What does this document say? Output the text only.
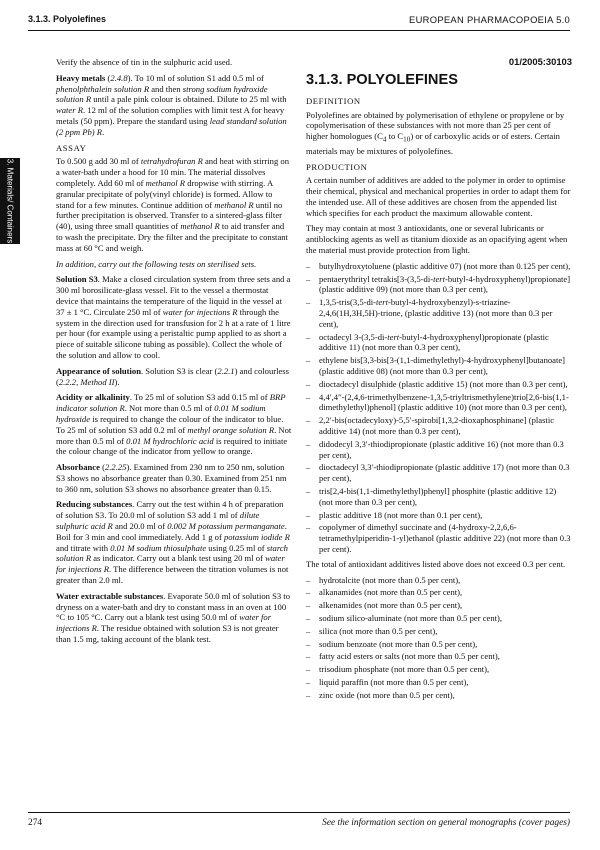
3.1.3. Polyolefines	EUROPEAN PHARMACOPOEIA 5.0
3. Materials/ Containers

Verify the absence of tin in the sulphuric acid used.

Heavy metals (2.4.8). To 10 ml of solution S1 add 0.5 ml of phenolphthalein solution R and then strong sodium hydroxide solution R until a pale pink colour is obtained. Dilute to 25 ml with water R. 12 ml of the solution complies with limit test A for heavy metals (50 ppm). Prepare the standard using lead standard solution (2 ppm Pb) R.

ASSAY

To 0.500 g add 30 ml of tetrahydrofuran R and heat with stirring on a water-bath under a hood for 10 min. The material dissolves completely. Add 60 ml of methanol R dropwise with stirring. A granular precipitate of poly(vinyl chloride) is formed. Allow to stand for a few minutes. Continue addition of methanol R until no further precipitation is observed. Transfer to a sintered-glass filter (40), using three small quantities of methanol R to aid transfer and to wash the precipitate. Dry the filter and the precipitate to constant mass at 60 °C and weigh.

In addition, carry out the following tests on sterilised sets.

Solution S3. Make a closed circulation system from three sets and a 300 ml borosilicate-glass vessel. Fit to the vessel a thermostat device that maintains the temperature of the liquid in the vessel at 37 ± 1 °C. Circulate 250 ml of water for injections R through the system in the direction used for transfusion for 2 h at a rate of 1 litre per hour (for example using a peristaltic pump applied to as short a piece of suitable silicone tubing as possible). Collect the whole of the solution and allow to cool.

Appearance of solution. Solution S3 is clear (2.2.1) and colourless (2.2.2, Method II).

Acidity or alkalinity. To 25 ml of solution S3 add 0.15 ml of BRP indicator solution R. Not more than 0.5 ml of 0.01 M sodium hydroxide is required to change the colour of the indicator to blue. To 25 ml of solution S3 add 0.2 ml of methyl orange solution R. Not more than 0.5 ml of 0.01 M hydrochloric acid is required to initiate the colour change of the indicator from yellow to orange.

Absorbance (2.2.25). Examined from 230 nm to 250 nm, solution S3 shows no absorbance greater than 0.30. Examined from 251 nm to 360 nm, solution S3 shows no absorbance greater than 0.15.

Reducing substances. Carry out the test within 4 h of preparation of solution S3. To 20.0 ml of solution S3 add 1 ml of dilute sulphuric acid R and 20.0 ml of 0.002 M potassium permanganate. Boil for 3 min and cool immediately. Add 1 g of potassium iodide R and titrate with 0.01 M sodium thiosulphate using 0.25 ml of starch solution R as indicator. Carry out a blank test using 20 ml of water for injections R. The difference between the titration volumes is not greater than 2.0 ml.

Water extractable substances. Evaporate 50.0 ml of solution S3 to dryness on a water-bath and dry to constant mass in an oven at 100 °C to 105 °C. Carry out a blank test using 50.0 ml of water for injections R. The residue obtained with solution S3 is not greater than 1.5 mg, taking account of the blank test.

01/2005:30103
3.1.3. POLYOLEFINES

DEFINITION

Polyolefines are obtained by polymerisation of ethylene or propylene or by copolymerisation of these substances with not more than 25 per cent of higher homologues ($C_4$ to $C_{10}$) or of carboxylic acids or of esters. Certain materials may be mixtures of polyolefines.

PRODUCTION

A certain number of additives are added to the polymer in order to optimise their chemical, physical and mechanical properties in order to adapt them for the intended use. All of these additives are chosen from the appended list which specifies for each product the maximum allowable content.

They may contain at most 3 antioxidants, one or several lubricants or antiblocking agents as well as titanium dioxide as an opacifying agent when the material must provide protection from light.

– butylhydroxytoluene (plastic additive 07) (not more than 0.125 per cent),
– pentaerythrityl tetrakis[3-(3,5-di-tert-butyl-4-hydroxyphenyl)propionate] (plastic additive 09) (not more than 0.3 per cent),
– 1,3,5-tris(3,5-di-tert-butyl-4-hydroxybenzyl)-s-triazine-2,4,6(1H,3H,5H)-trione, (plastic additive 13) (not more than 0.3 per cent),
– octadecyl 3-(3,5-di-tert-butyl-4-hydroxyphenyl)propionate (plastic additive 11) (not more than 0.3 per cent),
– ethylene bis[3,3-bis[3-(1,1-dimethylethyl)-4-hydroxyphenyl]butanoate] (plastic additive 08) (not more than 0.3 per cent),
– dioctadecyl disulphide (plastic additive 15) (not more than 0.3 per cent),
– 4,4′,4″-(2,4,6-trimethylbenzene-1,3,5-triyltrismethylene)trio[2,6-bis(1,1-dimethylethyl)phenol] (plastic additive 10) (not more than 0.3 per cent),
– 2,2′-bis(octadecyloxy)-5,5′-spirobi[1,3,2-dioxaphosphinane] (plastic additive 14) (not more than 0.3 per cent),
– didodecyl 3,3′-thiodipropionate (plastic additive 16) (not more than 0.3 per cent),
– dioctadecyl 3,3′-thiodipropionate (plastic additive 17) (not more than 0.3 per cent),
– tris[2,4-bis(1,1-dimethylethyl)phenyl] phosphite (plastic additive 12) (not more than 0.3 per cent),
– plastic additive 18 (not more than 0.1 per cent),
– copolymer of dimethyl succinate and (4-hydroxy-2,2,6,6-tetramethylpiperidin-1-yl)ethanol (plastic additive 22) (not more than 0.3 per cent).

The total of antioxidant additives listed above does not exceed 0.3 per cent.

– hydrotalcite (not more than 0.5 per cent),
– alkanamides (not more than 0.5 per cent),
– alkenamides (not more than 0.5 per cent),
– sodium silico-aluminate (not more than 0.5 per cent),
– silica (not more than 0.5 per cent),
– sodium benzoate (not more than 0.5 per cent),
– fatty acid esters or salts (not more than 0.5 per cent),
– trisodium phosphate (not more than 0.5 per cent),
– liquid paraffin (not more than 0.5 per cent),
– zinc oxide (not more than 0.5 per cent),
274	See the information section on general monographs (cover pages)
